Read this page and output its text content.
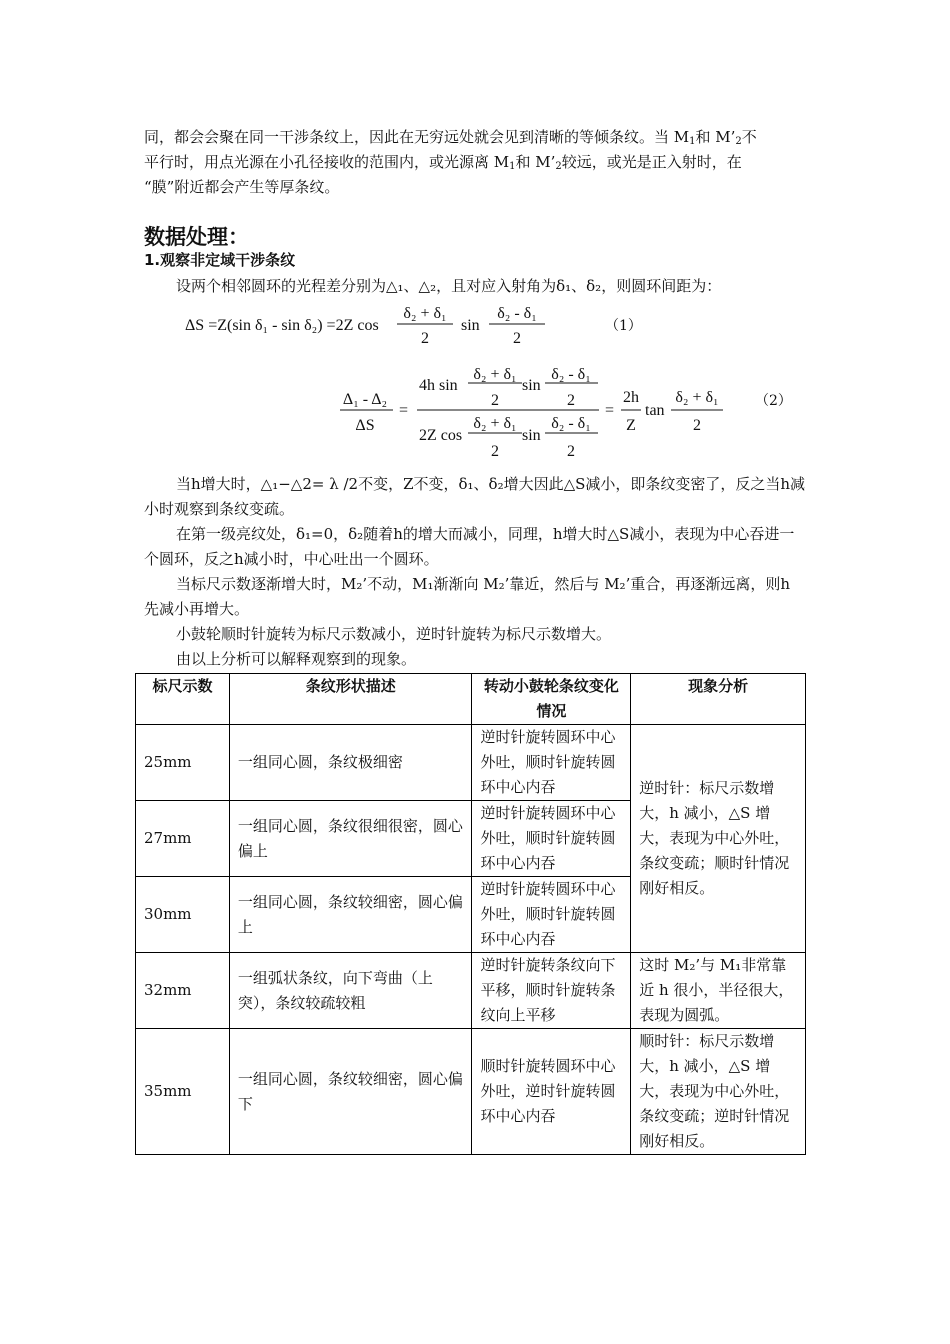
同，都会会聚在同一干涉条纹上，因此在无穷远处就会见到清晰的等倾条纹。当 $M_1$和 $M’_2$不
平行时，用点光源在小孔径接收的范围内，或光源离 $M_1$和 $M’_2$较远，或光是正入射时，在
“膜”附近都会产生等厚条纹。

数据处理：
1.观察非定域干涉条纹

设两个相邻圆环的光程差分别为△₁、△₂，且对应入射角为δ₁、δ₂，则圆环间距为：

ΔS =Z(sin δ₁ - sin δ₂) =2Z cos
δ₂ + δ₁
2
sin
δ₂ - δ₁
2
（1）
Δ₁ - Δ₂
ΔS
=
4h sin
δ₂ + δ₁
2
sin
δ₂ - δ₁
2
2Z cos
δ₂ + δ₁
2
sin
δ₂ - δ₁
2
=
2h
Z
tan
δ₂ + δ₁
2
（2）

当h增大时，△₁−△2= λ /2不变，Z不变，δ₁、δ₂增大因此△S减小，即条纹变密了，反之当h减小时观察到条纹变疏。

在第一级亮纹处，δ₁=0，δ₂随着h的增大而减小，同理，h增大时△S减小，表现为中心吞进一个圆环，反之h减小时，中心吐出一个圆环。

当标尺示数逐渐增大时，M₂’不动，M₁渐渐向 M₂’靠近，然后与 M₂’重合，再逐渐远离，则h 先减小再增大。

小鼓轮顺时针旋转为标尺示数减小，逆时针旋转为标尺示数增大。

由以上分析可以解释观察到的现象。

标尺示数	条纹形状描述	转动小鼓轮条纹变化情况	现象分析
25mm	一组同心圆，条纹极细密	逆时针旋转圆环中心外吐，顺时针旋转圆环中心内吞	逆时针：标尺示数增大，h 减小，△S 增大，表现为中心外吐，条纹变疏；顺时针情况刚好相反。
27mm	一组同心圆，条纹很细很密，圆心偏上	逆时针旋转圆环中心外吐，顺时针旋转圆环中心内吞	
30mm	一组同心圆，条纹较细密，圆心偏上	逆时针旋转圆环中心外吐，顺时针旋转圆环中心内吞	
32mm	一组弧状条纹，向下弯曲（上突），条纹较疏较粗	逆时针旋转条纹向下平移，顺时针旋转条纹向上平移	这时 M₂’与 M₁非常靠近 h 很小，半径很大，表现为圆弧。
35mm	一组同心圆，条纹较细密，圆心偏下	顺时针旋转圆环中心外吐，逆时针旋转圆环中心内吞	顺时针：标尺示数增大，h 减小，△S 增大，表现为中心外吐，条纹变疏；逆时针情况刚好相反。
